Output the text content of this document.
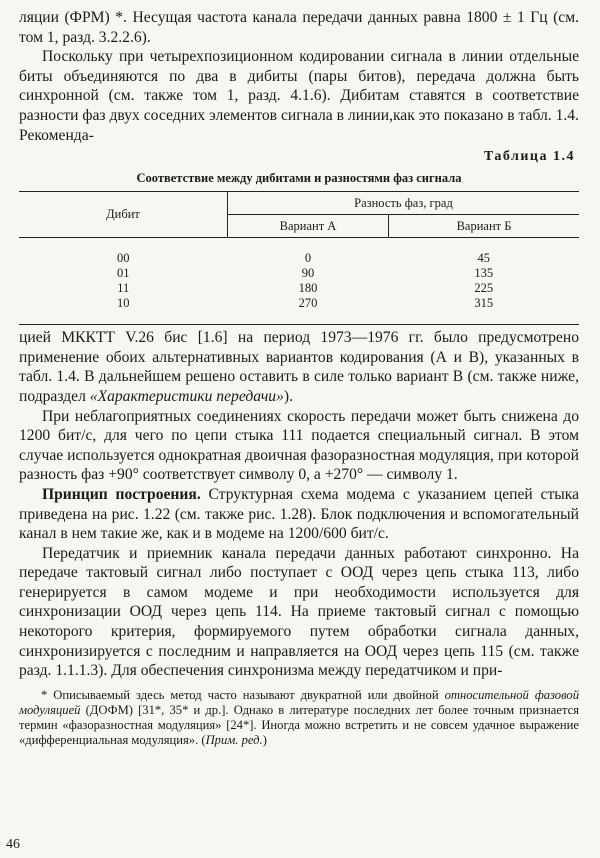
ляции (ФРМ) *. Несущая частота канала передачи данных равна 1800 ± 1 Гц (см. том 1, разд. 3.2.2.6).

Поскольку при четырехпозиционном кодировании сигнала в линии отдельные биты объединяются по два в дибиты (пары битов), передача должна быть синхронной (см. также том 1, разд. 4.1.6). Дибитам ставятся в соответствие разности фаз двух соседних элементов сигнала в линии,как это показано в табл. 1.4. Рекоменда-

Таблица 1.4
Соответствие между дибитами и разностями фаз сигнала
Дибит	Разность фаз, град	
	Вариант А	Вариант Б
00	0	45
01	90	135
11	180	225
10	270	315

цией МККТТ V.26 бис [1.6] на период 1973—1976 гг. было предусмотрено применение обоих альтернативных вариантов кодирования (А и В), указанных в табл. 1.4. В дальнейшем решено оставить в силе только вариант В (см. также ниже, подраздел «Характеристики передачи»).

При неблагоприятных соединениях скорость передачи может быть снижена до 1200 бит/с, для чего по цепи стыка 111 подается специальный сигнал. В этом случае используется однократная двоичная фазоразностная модуляция, при которой разность фаз +90° соответствует символу 0, а +270° — символу 1.

Принцип построения. Структурная схема модема с указанием цепей стыка приведена на рис. 1.22 (см. также рис. 1.28). Блок подключения и вспомогательный канал в нем такие же, как и в модеме на 1200/600 бит/с.

Передатчик и приемник канала передачи данных работают синхронно. На передаче тактовый сигнал либо поступает с ООД через цепь стыка 113, либо генерируется в самом модеме и при необходимости используется для синхронизации ООД через цепь 114. На приеме тактовый сигнал с помощью некоторого критерия, формируемого путем обработки сигнала данных, синхронизируется с последним и направляется на ООД через цепь 115 (см. также разд. 1.1.1.3). Для обеспечения синхронизма между передатчиком и при-

* Описываемый здесь метод часто называют двукратной или двойной относительной фазовой модуляцией (ДОФМ) [31*, 35* и др.]. Однако в литературе последних лет более точным признается термин «фазоразностная модуляция» [24*]. Иногда можно встретить и не совсем удачное выражение «дифференциальная модуляция». (Прим. ред.)

46
